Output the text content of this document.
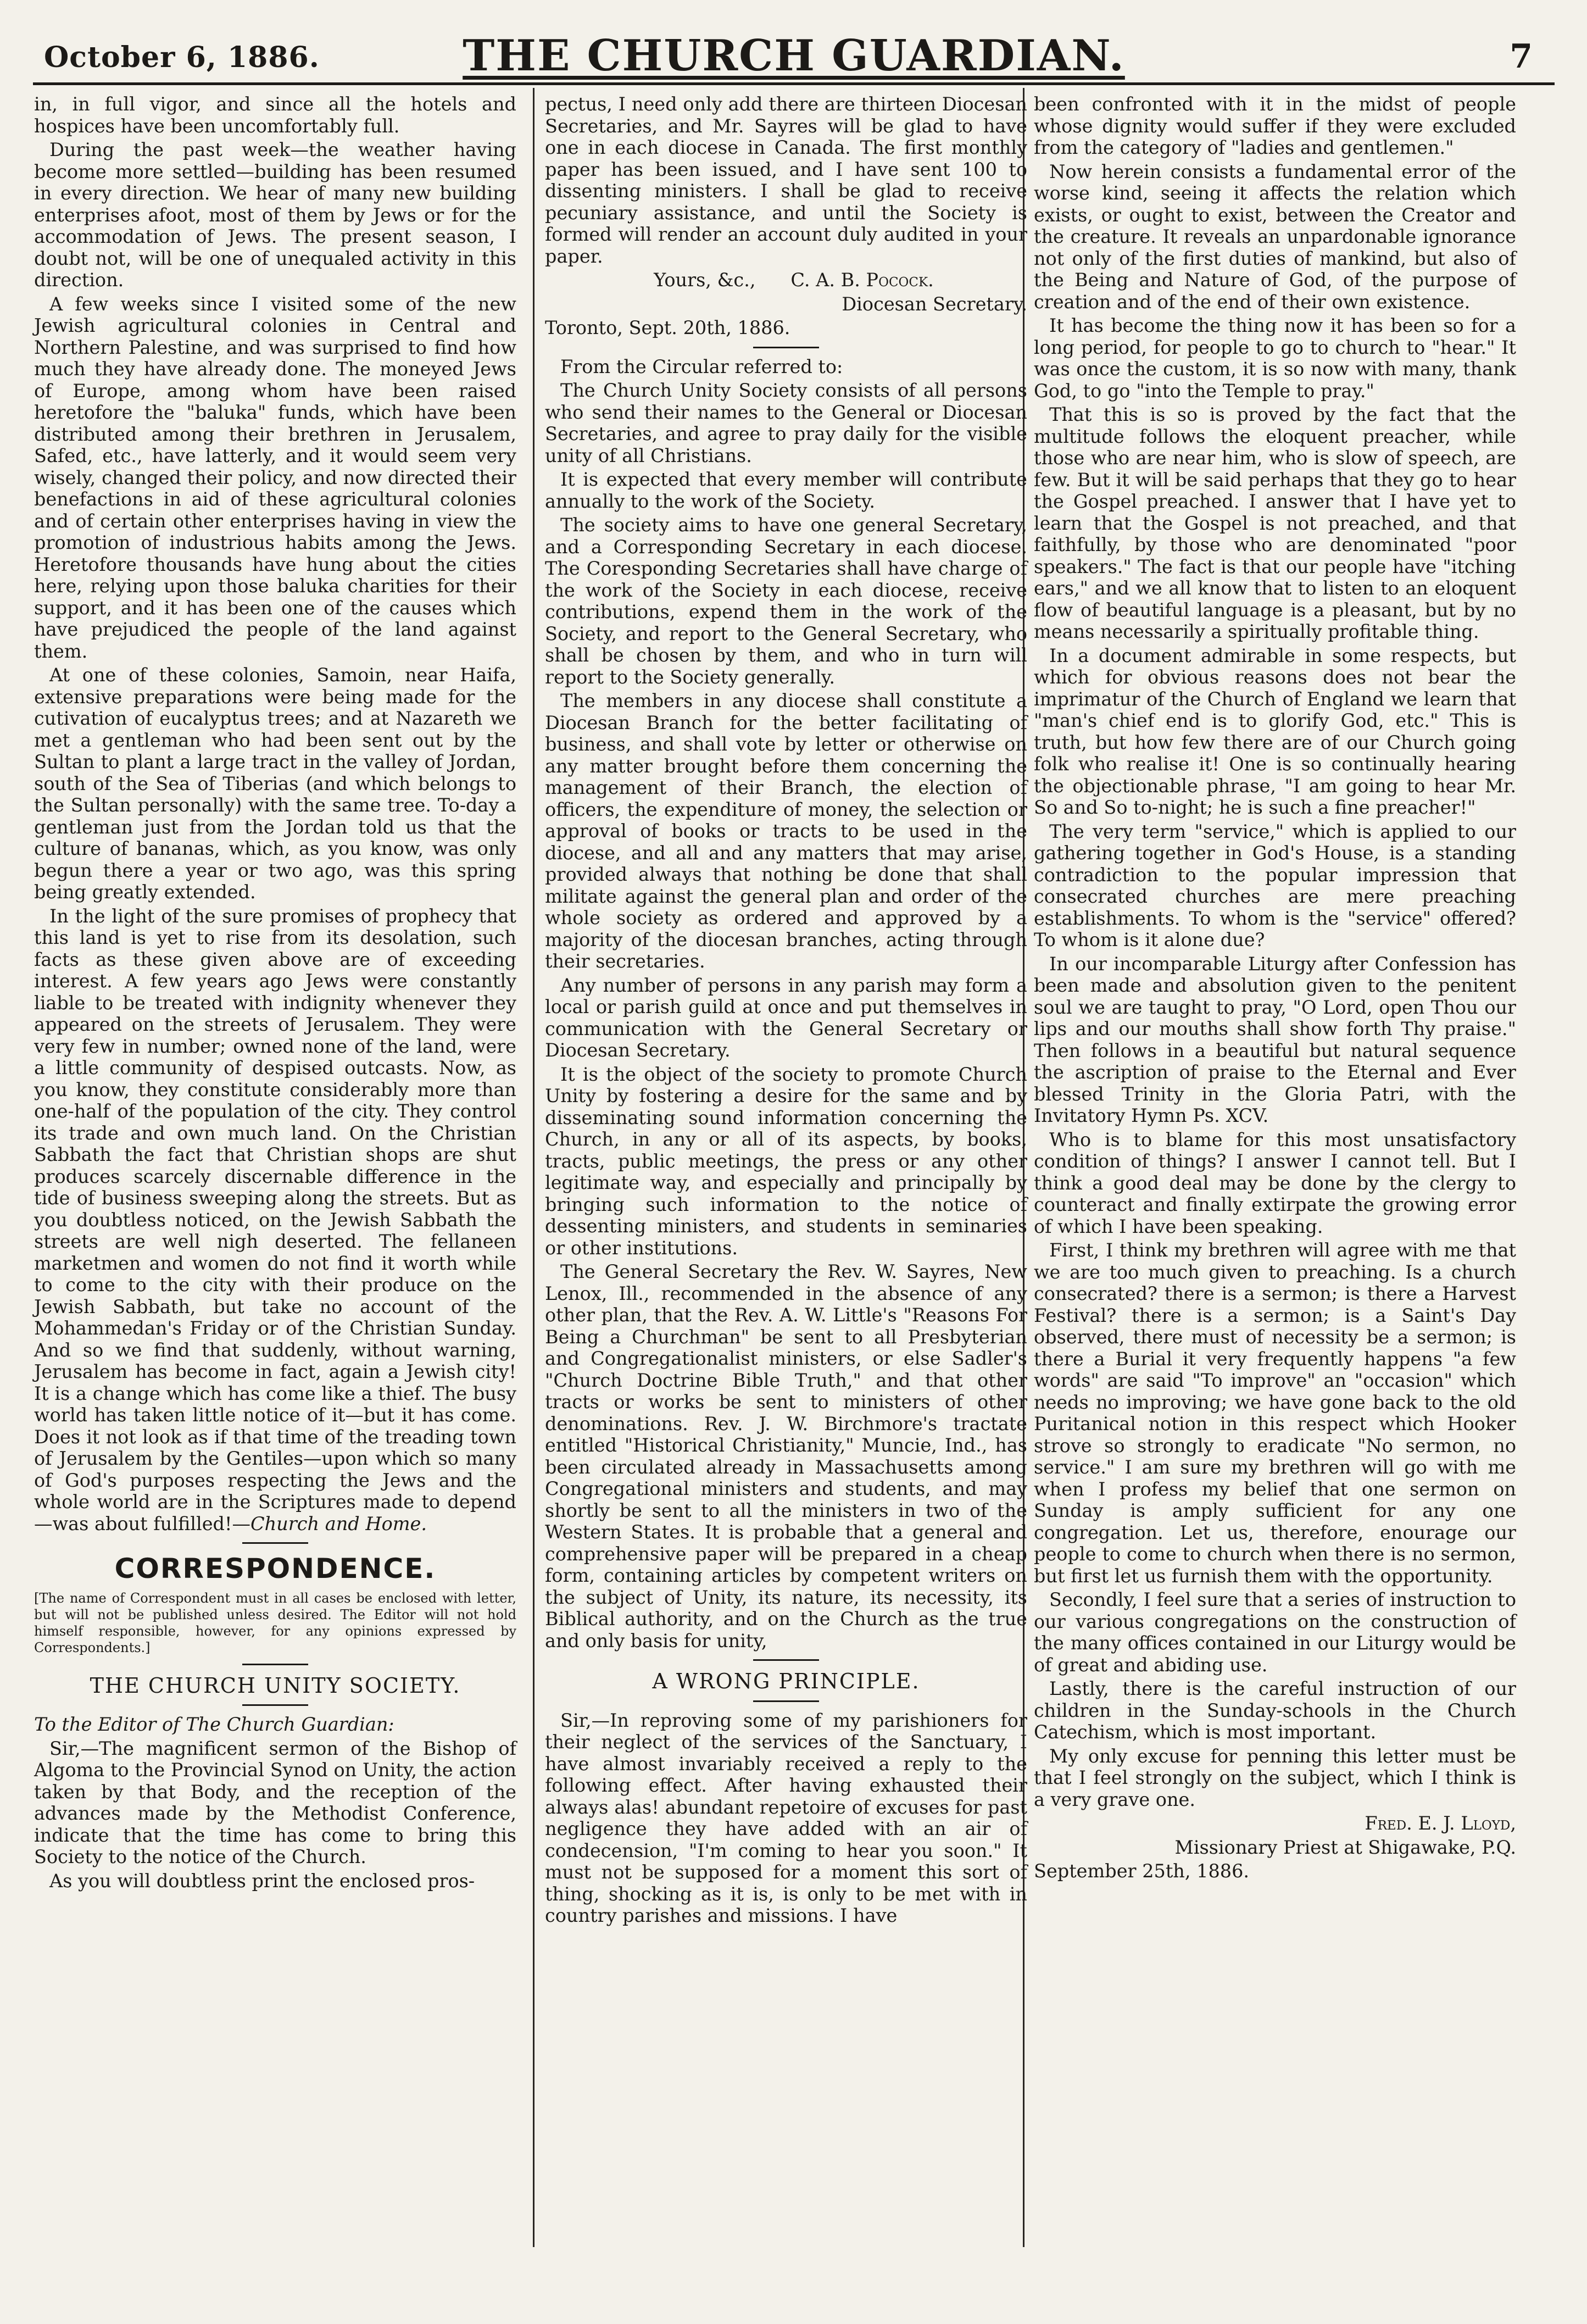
October 6, 1886.	THE CHURCH GUARDIAN.	7

in, in full vigor, and since all the hotels and hospices have been uncomfortably full.

During the past week—the weather having become more settled—building has been resumed in every direction. We hear of many new building enterprises afoot, most of them by Jews or for the accommodation of Jews. The present season, I doubt not, will be one of unequaled activity in this direction.

A few weeks since I visited some of the new Jewish agricultural colonies in Central and Northern Palestine, and was surprised to find how much they have already done. The moneyed Jews of Europe, among whom have been raised heretofore the "baluka" funds, which have been distributed among their brethren in Jerusalem, Safed, etc., have latterly, and it would seem very wisely, changed their policy, and now directed their benefactions in aid of these agricultural colonies and of certain other enterprises having in view the promotion of industrious habits among the Jews. Heretofore thousands have hung about the cities here, relying upon those baluka charities for their support, and it has been one of the causes which have prejudiced the people of the land against them.

At one of these colonies, Samoin, near Haifa, extensive preparations were being made for the cutivation of eucalyptus trees; and at Nazareth we met a gentleman who had been sent out by the Sultan to plant a large tract in the valley of Jordan, south of the Sea of Tiberias (and which belongs to the Sultan personally) with the same tree. To-day a gentleman just from the Jordan told us that the culture of bananas, which, as you know, was only begun there a year or two ago, was this spring being greatly extended.

In the light of the sure promises of prophecy that this land is yet to rise from its desolation, such facts as these given above are of exceeding interest. A few years ago Jews were constantly liable to be treated with indignity whenever they appeared on the streets of Jerusalem. They were very few in number; owned none of the land, were a little community of despised outcasts. Now, as you know, they constitute considerably more than one-half of the population of the city. They control its trade and own much land. On the Christian Sabbath the fact that Christian shops are shut produces scarcely discernable difference in the tide of business sweeping along the streets. But as you doubtless noticed, on the Jewish Sabbath the streets are well nigh deserted. The fellaneen marketmen and women do not find it worth while to come to the city with their produce on the Jewish Sabbath, but take no account of the Mohammedan's Friday or of the Christian Sunday. And so we find that suddenly, without warning, Jerusalem has become in fact, again a Jewish city! It is a change which has come like a thief. The busy world has taken little notice of it—but it has come. Does it not look as if that time of the treading town of Jerusalem by the Gentiles—upon which so many of God's purposes respecting the Jews and the whole world are in the Scriptures made to depend—was about fulfilled!—Church and Home.

CORRESPONDENCE.
[The name of Correspondent must in all cases be enclosed with letter, but will not be published unless desired. The Editor will not hold himself responsible, however, for any opinions expressed by Correspondents.]
THE CHURCH UNITY SOCIETY.

To the Editor of The Church Guardian:

Sir,—The magnificent sermon of the Bishop of Algoma to the Provincial Synod on Unity, the action taken by that Body, and the reception of the advances made by the Methodist Conference, indicate that the time has come to bring this Society to the notice of the Church.

As you will doubtless print the enclosed pros-

pectus, I need only add there are thirteen Diocesan Secretaries, and Mr. Sayres will be glad to have one in each diocese in Canada. The first monthly paper has been issued, and I have sent 100 to dissenting ministers. I shall be glad to receive pecuniary assistance, and until the Society is formed will render an account duly audited in your paper.

Yours, &c., C. A. B. Pocock.

Diocesan Secretary.

Toronto, Sept. 20th, 1886.

From the Circular referred to:

The Church Unity Society consists of all persons who send their names to the General or Diocesan Secretaries, and agree to pray daily for the visible unity of all Christians.

It is expected that every member will contribute annually to the work of the Society.

The society aims to have one general Secretary, and a Corresponding Secretary in each diocese. The Coresponding Secretaries shall have charge of the work of the Society in each diocese, receive contributions, expend them in the work of the Society, and report to the General Secretary, who shall be chosen by them, and who in turn will report to the Society generally.

The members in any diocese shall constitute a Diocesan Branch for the better facilitating of business, and shall vote by letter or otherwise on any matter brought before them concerning the management of their Branch, the election of officers, the expenditure of money, the selection or approval of books or tracts to be used in the diocese, and all and any matters that may arise, provided always that nothing be done that shall militate against the general plan and order of the whole society as ordered and approved by a majority of the diocesan branches, acting through their secretaries.

Any number of persons in any parish may form a local or parish guild at once and put themselves in communication with the General Secretary or Diocesan Secretary.

It is the object of the society to promote Church Unity by fostering a desire for the same and by disseminating sound information concerning the Church, in any or all of its aspects, by books, tracts, public meetings, the press or any other legitimate way, and especially and principally by bringing such information to the notice of dessenting ministers, and students in seminaries or other institutions.

The General Secretary the Rev. W. Sayres, New Lenox, Ill., recommended in the absence of any other plan, that the Rev. A. W. Little's "Reasons For Being a Churchman" be sent to all Presbyterian and Congregationalist ministers, or else Sadler's "Church Doctrine Bible Truth," and that other tracts or works be sent to ministers of other denominations. Rev. J. W. Birchmore's tractate entitled "Historical Christianity," Muncie, Ind., has been circulated already in Massachusetts among Congregational ministers and students, and may shortly be sent to all the ministers in two of the Western States. It is probable that a general and comprehensive paper will be prepared in a cheap form, containing articles by competent writers on the subject of Unity, its nature, its necessity, its Biblical authority, and on the Church as the true and only basis for unity,

A WRONG PRINCIPLE.

Sir,—In reproving some of my parishioners for their neglect of the services of the Sanctuary, I have almost invariably received a reply to the following effect. After having exhausted their always alas! abundant repetoire of excuses for past negligence they have added with an air of condecension, "I'm coming to hear you soon." It must not be supposed for a moment this sort of thing, shocking as it is, is only to be met with in country parishes and missions. I have

been confronted with it in the midst of people whose dignity would suffer if they were excluded from the category of "ladies and gentlemen."

Now herein consists a fundamental error of the worse kind, seeing it affects the relation which exists, or ought to exist, between the Creator and the creature. It reveals an unpardonable ignorance not only of the first duties of mankind, but also of the Being and Nature of God, of the purpose of creation and of the end of their own existence.

It has become the thing now it has been so for a long period, for people to go to church to "hear." It was once the custom, it is so now with many, thank God, to go "into the Temple to pray."

That this is so is proved by the fact that the multitude follows the eloquent preacher, while those who are near him, who is slow of speech, are few. But it will be said perhaps that they go to hear the Gospel preached. I answer that I have yet to learn that the Gospel is not preached, and that faithfully, by those who are denominated "poor speakers." The fact is that our people have "itching ears," and we all know that to listen to an eloquent flow of beautiful language is a pleasant, but by no means necessarily a spiritually profitable thing.

In a document admirable in some respects, but which for obvious reasons does not bear the imprimatur of the Church of England we learn that "man's chief end is to glorify God, etc." This is truth, but how few there are of our Church going folk who realise it! One is so continually hearing the objectionable phrase, "I am going to hear Mr. So and So to-night; he is such a fine preacher!"

The very term "service," which is applied to our gathering together in God's House, is a standing contradiction to the popular impression that consecrated churches are mere preaching establishments. To whom is the "service" offered? To whom is it alone due?

In our incomparable Liturgy after Confession has been made and absolution given to the penitent soul we are taught to pray, "O Lord, open Thou our lips and our mouths shall show forth Thy praise." Then follows in a beautiful but natural sequence the ascription of praise to the Eternal and Ever blessed Trinity in the Gloria Patri, with the Invitatory Hymn Ps. XCV.

Who is to blame for this most unsatisfactory condition of things? I answer I cannot tell. But I think a good deal may be done by the clergy to counteract and finally extirpate the growing error of which I have been speaking.

First, I think my brethren will agree with me that we are too much given to preaching. Is a church consecrated? there is a sermon; is there a Harvest Festival? there is a sermon; is a Saint's Day observed, there must of necessity be a sermon; is there a Burial it very frequently happens "a few words" are said "To improve" an "occasion" which needs no improving; we have gone back to the old Puritanical notion in this respect which Hooker strove so strongly to eradicate "No sermon, no service." I am sure my brethren will go with me when I profess my belief that one sermon on Sunday is amply sufficient for any one congregation. Let us, therefore, enourage our people to come to church when there is no sermon, but first let us furnish them with the opportunity.

Secondly, I feel sure that a series of instruction to our various congregations on the construction of the many offices contained in our Liturgy would be of great and abiding use.

Lastly, there is the careful instruction of our children in the Sunday-schools in the Church Catechism, which is most important.

My only excuse for penning this letter must be that I feel strongly on the subject, which I think is a very grave one.

Fred. E. J. Lloyd,

Missionary Priest at Shigawake, P.Q.

September 25th, 1886.
